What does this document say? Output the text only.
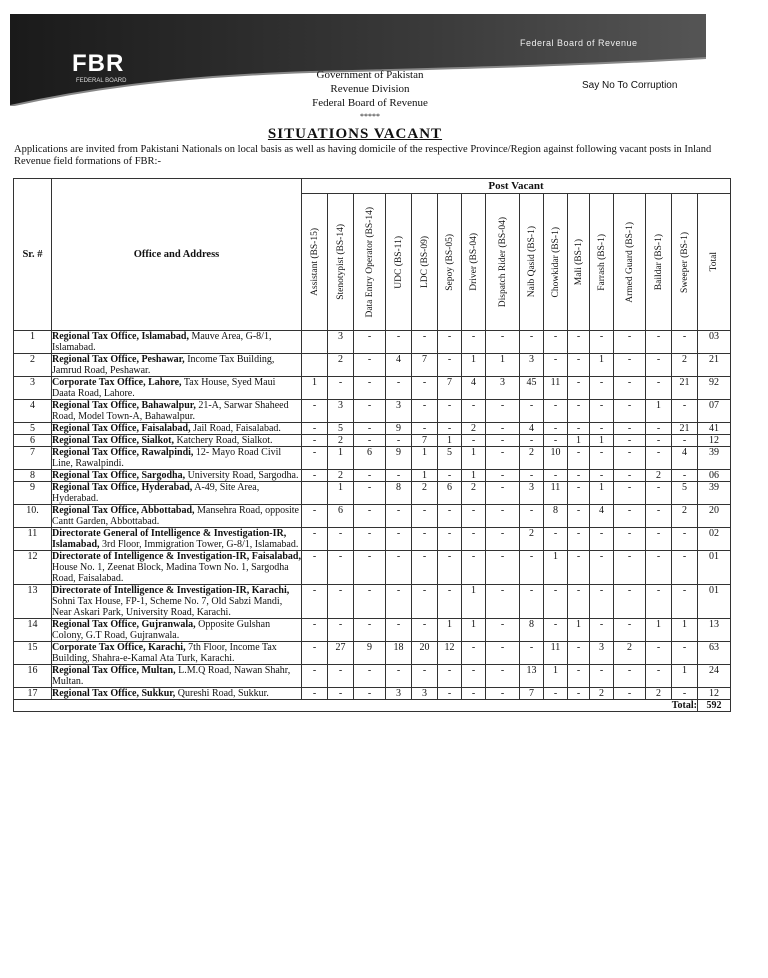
FBR
FEDERAL BOARD
Federal Board of Revenue
Government of Pakistan
Revenue Division
Federal Board of Revenue
*****
Say No To Corruption
SITUATIONS VACANT
Applications are invited from Pakistani Nationals on local basis as well as having domicile of the respective Province/Region against following vacant posts in Inland Revenue field formations of FBR:-
Sr. #	Office and Address	Post Vacant															

		Assistant (BS-15)	Stenotypist (BS-14)	Data Entry Operator (BS-14)	UDC (BS-11)	LDC (BS-09)	Sepoy (BS-05)	Driver (BS-04)	Dispatch Rider (BS-04)	Naib Qasid (BS-1)	Chowkidar (BS-1)	Mali (BS-1)	Farrash (BS-1)	Armed Guard (BS-1)	Baildar (BS-1)	Sweeper (BS-1)	Total

1	Regional Tax Office, Islamabad, Mauve Area, G-8/1, Islamabad.		3	-	-	-	-	-	-	-	-	-	-	-	-	-	03
2	Regional Tax Office, Peshawar, Income Tax Building, Jamrud Road, Peshawar.		2	-	4	7	-	1	1	3	-	-	1	-	-	2	21
3	Corporate Tax Office, Lahore, Tax House, Syed Maui Daata Road, Lahore.	1	-	-	-	-	7	4	3	45	11	-	-	-	-	21	92
4	Regional Tax Office, Bahawalpur, 21-A, Sarwar Shaheed Road, Model Town-A, Bahawalpur.	-	3	-	3	-	-	-	-	-	-	-	-	-	1	-	07
5	Regional Tax Office, Faisalabad, Jail Road, Faisalabad.	-	5	-	9	-	-	2	-	4	-	-	-	-	-	21	41
6	Regional Tax Office, Sialkot, Katchery Road, Sialkot.	-	2	-	-	7	1	-	-	-	-	1	1	-	-	-	12
7	Regional Tax Office, Rawalpindi, 12- Mayo Road Civil Line, Rawalpindi.	-	1	6	9	1	5	1	-	2	10	-	-	-	-	4	39
8	Regional Tax Office, Sargodha, University Road, Sargodha.	-	2	-	-	1	-	1	-	-	-	-	-	-	2	-	06
9	Regional Tax Office, Hyderabad, A-49, Site Area, Hyderabad.		1	-	8	2	6	2	-	3	11	-	1	-	-	5	39
10.	Regional Tax Office, Abbottabad, Mansehra Road, opposite Cantt Garden, Abbottabad.	-	6	-	-	-	-	-	-	-	8	-	4	-	-	2	20
11	Directorate General of Intelligence & Investigation-IR, Islamabad, 3rd Floor, Immigration Tower, G-8/1, Islamabad.	-	-	-	-	-	-	-	-	2	-	-	-	-	-	-	02
12	Directorate of Intelligence & Investigation-IR, Faisalabad, House No. 1, Zeenat Block, Madina Town No. 1, Sargodha Road, Faisalabad.	-	-	-	-	-	-	-	-	-	1	-	-	-	-	-	01
13	Directorate of Intelligence & Investigation-IR, Karachi, Sohni Tax House, FP-1, Scheme No. 7, Old Sabzi Mandi, Near Askari Park, University Road, Karachi.	-	-	-	-	-	-	1	-	-	-	-	-	-	-	-	01
14	Regional Tax Office, Gujranwala, Opposite Gulshan Colony, G.T Road, Gujranwala.	-	-	-	-	-	1	1	-	8	-	1	-	-	1	1	13
15	Corporate Tax Office, Karachi, 7th Floor, Income Tax Building, Shahra-e-Kamal Ata Turk, Karachi.	-	27	9	18	20	12	-	-	-	11	-	3	2	-	-	63
16	Regional Tax Office, Multan, L.M.Q Road, Nawan Shahr, Multan.	-	-	-	-	-	-	-	-	13	1	-	-	-	-	1	24
17	Regional Tax Office, Sukkur, Qureshi Road, Sukkur.	-	-	-	3	3	-	-	-	7	-	-	2	-	2	-	12
Total:																	592
